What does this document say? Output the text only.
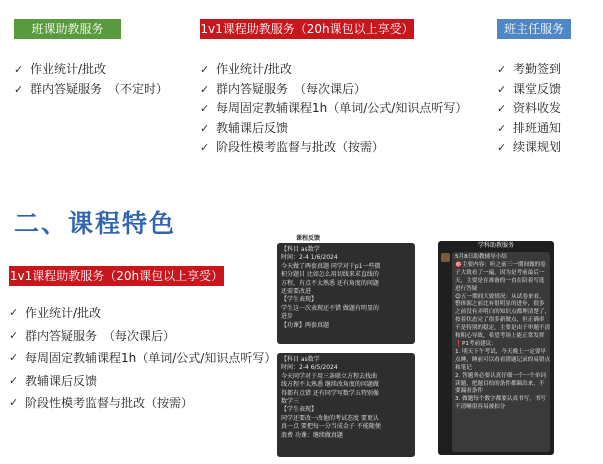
班课助教服务	1v1课程助教服务（20h课包以上享受）	班主任服务
✓ 作业统计/批改
✓ 群内答疑服务　（不定时）
✓ 作业统计/批改
✓ 群内答疑服务　（每次课后）
✓ 每周固定教辅课程1h（单词/公式/知识点听写）
✓ 教辅课后反馈
✓ 阶段性模考监督与批改（按需）
✓ 考勤签到
✓ 课堂反馈
✓ 资料收发
✓ 排班通知
✓ 续课规划
二、课程特色
1v1课程助教服务（20h课包以上享受）
✓ 作业统计/批改
✓ 群内答疑服务　（每次课后）
✓ 每周固定教辅课程1h（单词/公式/知识点听写）
✓ 教辅课后反馈
✓ 阶段性模考监督与批改（按需）
课程反馈
【科目 as数学
时间：2-4 1/6/2024
今天做了两套真题 同学对于p1一些微
积分题目 比如怎么用切线来求直线的
方程，有点不太熟悉 还有角度的问题
还需要改进
【学生表现】
学生这一次表现还不错 做题有明显的
进步
【功课】两套真题
【科目 as数学
时间：2-4 6/5/2024
今天同学对于用三条联立方程去找曲
线方程不太熟悉 继续改角度的问题做
得都有点错 还有同学写数学五特别像
数学三
【学生表现】
同学还要改一改他的考试态度 要更认
真一点 要把每一分当成金子 不能随便
浪费 功课：继续做真题
学科助教服务
5月8日助教辅导小结
🎯主要内容：听之前三一期间做的卷
子大致看了一遍，因为是考前最后一
天，主要是在准备的一直在陪着写选
进行答疑
😊五一期间大致情况：从试卷来看，
整体源之前比有很明显的进步，很多
之前没有弄明白的知识点都理清楚了，
按着状态完了很多新做点，但正确率
不是特别的稳定，主要是由于审题不清
和粗心导致，希望考场上能正常发挥
❗P1考前建议：
1. 明天下午考试，今天晚上一定要早
点睡，睡前可以看看错题记录的易错点
和笔记
2. 答题务必要认真仔细一个一个单词
读题，把题目给的条件都圈出来，不
要漏看条件
3. 做题每个数字都要认真书写，书写
不清晰很容易被扣分
